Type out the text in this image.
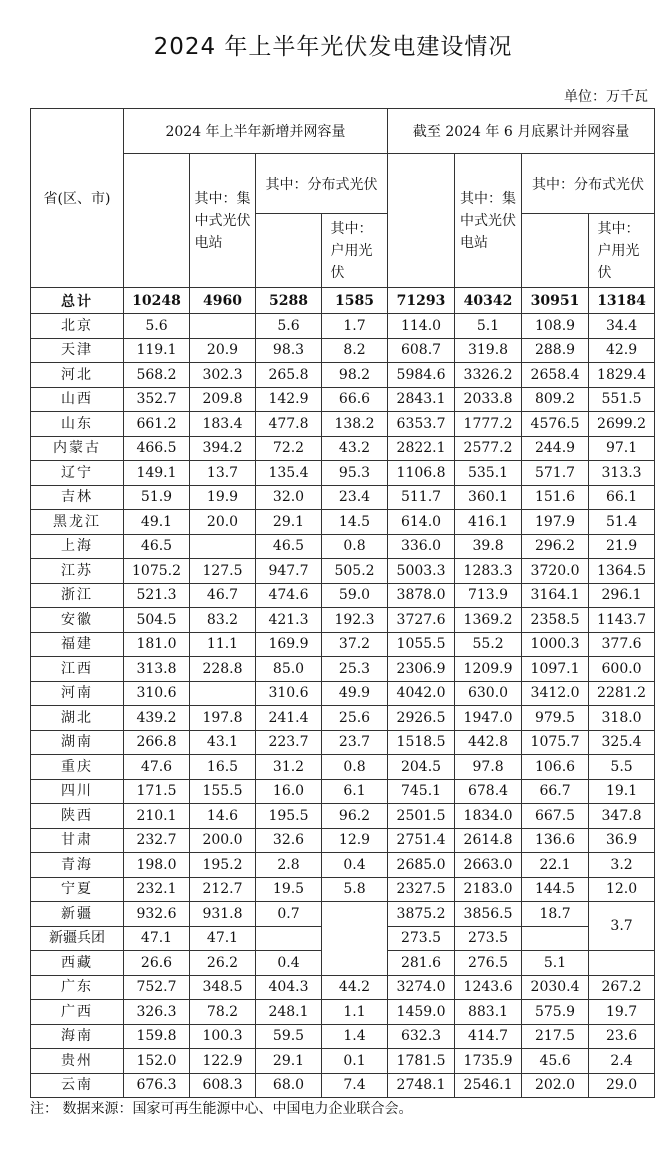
2024 年上半年光伏发电建设情况
单位：万千瓦
省(区、市)	2024 年上半年新增并网容量				截至 2024 年 6 月底累计并网容量			
		其中：集中式光伏电站	其中：分布式光伏			其中：集中式光伏电站	其中：分布式光伏	
				其中：户用光伏				其中：户用光伏
总计	10248	4960	5288	1585	71293	40342	30951	13184
北京	5.6		5.6	1.7	114.0	5.1	108.9	34.4
天津	119.1	20.9	98.3	8.2	608.7	319.8	288.9	42.9
河北	568.2	302.3	265.8	98.2	5984.6	3326.2	2658.4	1829.4
山西	352.7	209.8	142.9	66.6	2843.1	2033.8	809.2	551.5
山东	661.2	183.4	477.8	138.2	6353.7	1777.2	4576.5	2699.2
内蒙古	466.5	394.2	72.2	43.2	2822.1	2577.2	244.9	97.1
辽宁	149.1	13.7	135.4	95.3	1106.8	535.1	571.7	313.3
吉林	51.9	19.9	32.0	23.4	511.7	360.1	151.6	66.1
黑龙江	49.1	20.0	29.1	14.5	614.0	416.1	197.9	51.4
上海	46.5		46.5	0.8	336.0	39.8	296.2	21.9
江苏	1075.2	127.5	947.7	505.2	5003.3	1283.3	3720.0	1364.5
浙江	521.3	46.7	474.6	59.0	3878.0	713.9	3164.1	296.1
安徽	504.5	83.2	421.3	192.3	3727.6	1369.2	2358.5	1143.7
福建	181.0	11.1	169.9	37.2	1055.5	55.2	1000.3	377.6
江西	313.8	228.8	85.0	25.3	2306.9	1209.9	1097.1	600.0
河南	310.6		310.6	49.9	4042.0	630.0	3412.0	2281.2
湖北	439.2	197.8	241.4	25.6	2926.5	1947.0	979.5	318.0
湖南	266.8	43.1	223.7	23.7	1518.5	442.8	1075.7	325.4
重庆	47.6	16.5	31.2	0.8	204.5	97.8	106.6	5.5
四川	171.5	155.5	16.0	6.1	745.1	678.4	66.7	19.1
陕西	210.1	14.6	195.5	96.2	2501.5	1834.0	667.5	347.8
甘肃	232.7	200.0	32.6	12.9	2751.4	2614.8	136.6	36.9
青海	198.0	195.2	2.8	0.4	2685.0	2663.0	22.1	3.2
宁夏	232.1	212.7	19.5	5.8	2327.5	2183.0	144.5	12.0
新疆	932.6	931.8	0.7		3875.2	3856.5	18.7	3.7
新疆兵团	47.1	47.1			273.5	273.5		
西藏	26.6	26.2	0.4		281.6	276.5	5.1	
广东	752.7	348.5	404.3	44.2	3274.0	1243.6	2030.4	267.2
广西	326.3	78.2	248.1	1.1	1459.0	883.1	575.9	19.7
海南	159.8	100.3	59.5	1.4	632.3	414.7	217.5	23.6
贵州	152.0	122.9	29.1	0.1	1781.5	1735.9	45.6	2.4
云南	676.3	608.3	68.0	7.4	2748.1	2546.1	202.0	29.0
注： 数据来源：国家可再生能源中心、中国电力企业联合会。
